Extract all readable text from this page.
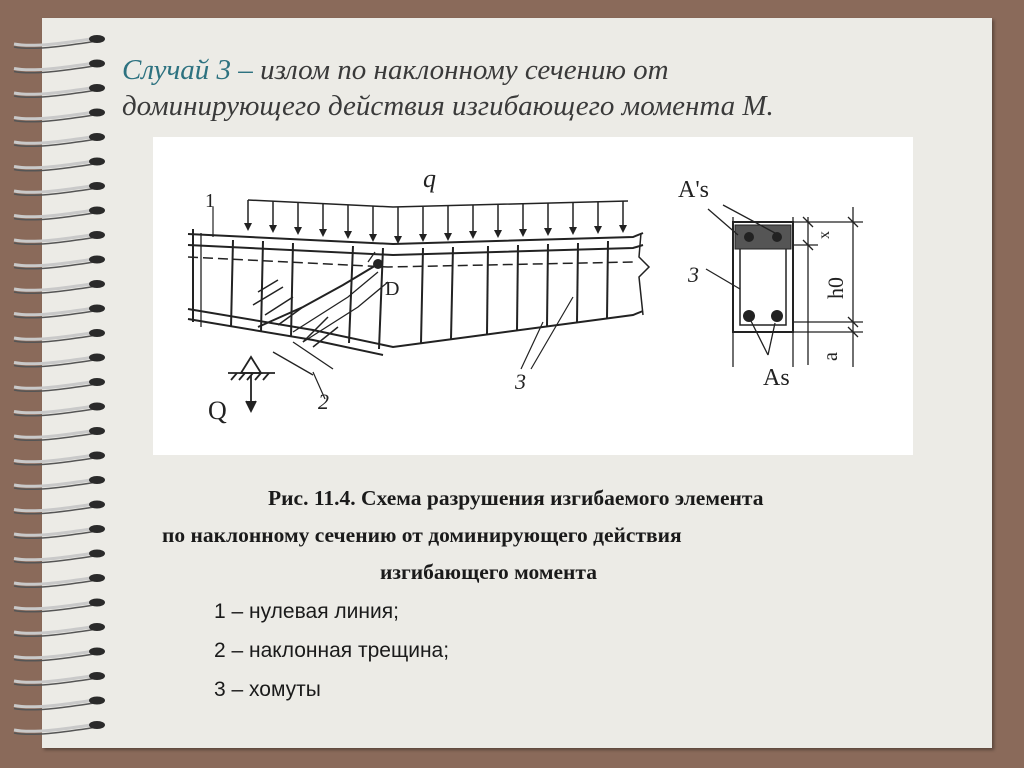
Случай 3 – излом по наклонному сечению от
доминирующего действия изгибающего момента М.
q
1
2
3
D
Q
A's
3
As
x
h0
a
Рис. 11.4. Схема разрушения изгибаемого элемента
по наклонному сечению от доминирующего действия
изгибающего момента
1 – нулевая линия;
2 – наклонная трещина;
3 – хомуты
